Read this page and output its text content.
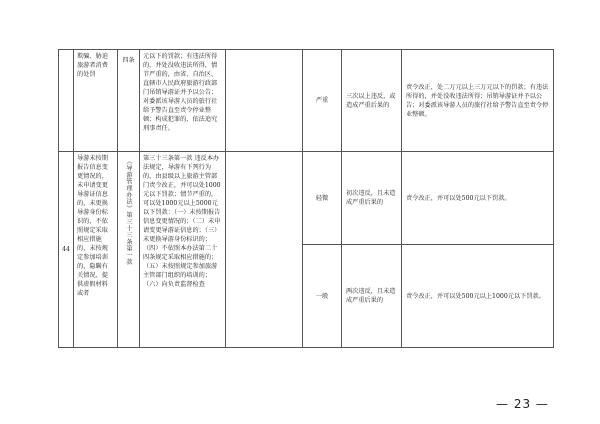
	欺骗、胁迫旅游者消费的处罚	四条	元以下的罚款；有违法所得的，并处没收违法所得，情节严重的，由省、自治区、直辖市人民政府旅游行政部门吊销导游证并予以公告；对委派该导游人员的旅行社给予警告直至责令停业整顿；构成犯罪的，依法追究刑事责任。		严重	三次以上违反，或造成严重后果的	责令改正，处二万元以上三万元以下的罚款；有违法所得的，并处没收违法所得；吊销导游证并予以公告；对委派该导游人员的旅行社给予警告直至责令停业整顿。
44	导游未按期报告信息变更情况的，未申请变更导游证信息的，未更换导游身份标识的，不依照规定采取相应措施的，未按规定参加培训的，隐瞒有关情况、提供虚假材料或者	《导游管理办法》第三十三条第一款	第三十三条第一款 违反本办法规定，导游有下列行为的，由县级以上旅游主管部门责令改正，并可以处1000元以下罚款；情节严重的，可以处1000元以上5000元以下罚款：（一）未按期报告信息变更情况的；（二）未申请变更导游证信息的；（三）未更换导游身份标识的；（四）不依照本办法第二十四条规定采取相应措施的；（五）未按照规定参加旅游主管部门组织的培训的；（六）向负责监督检查		轻微	初次违反，且未造成严重后果的	责令改正，并可以处500元以下罚款。
					一般	两次违反，且未造成严重后果的	责令改正，并可以处500元以上1000元以下罚款。
— 23 —
